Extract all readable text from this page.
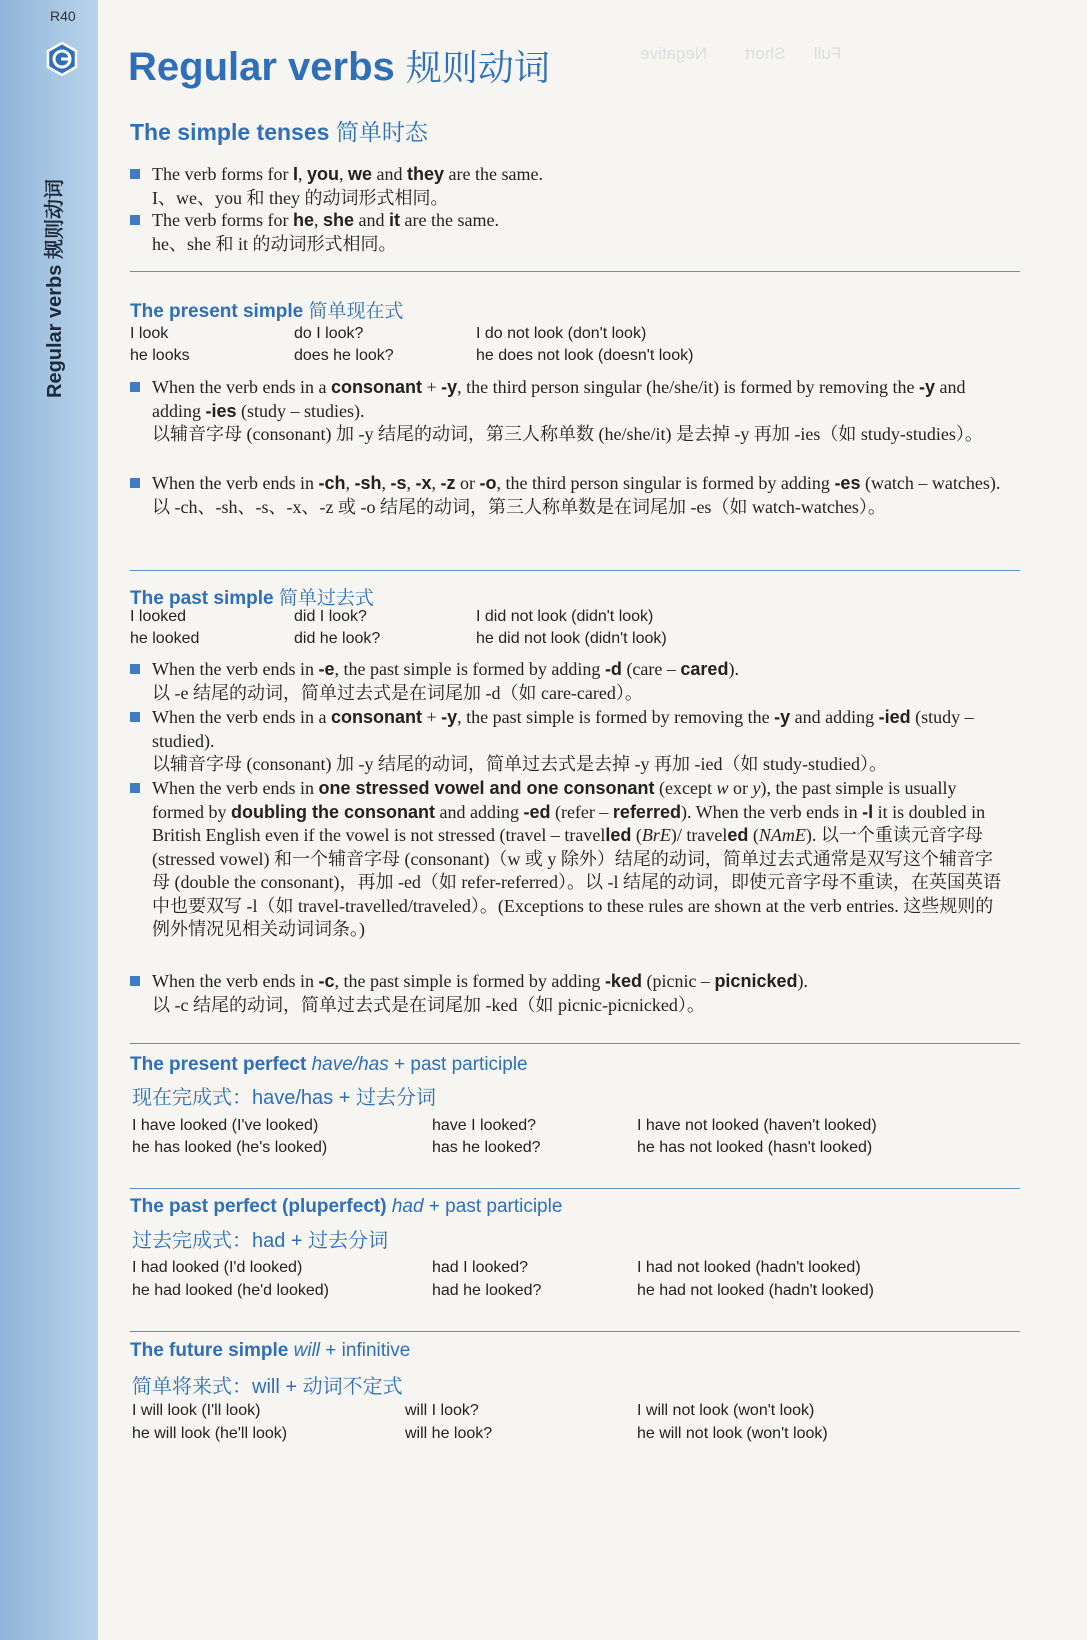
R40
Regular verbs 规则动词
Full      Short        Negative
Regular verbs 规则动词
The simple tenses 简单时态
The verb forms for I, you, we and they are the same.
I、we、you 和 they 的动词形式相同。
The verb forms for he, she and it are the same.
he、she 和 it 的动词形式相同。
The present simple 简单现在式
I look	do I look?	I do not look (don't look)
he looks	does he look?	he does not look (doesn't look)
When the verb ends in a consonant + -y, the third person singular (he/she/it) is formed by removing the -y and adding -ies (study – studies).
以辅音字母 (consonant) 加 -y 结尾的动词，第三人称单数 (he/she/it) 是去掉 -y 再加 -ies（如 study-studies）。
When the verb ends in -ch, -sh, -s, -x, -z or -o, the third person singular is formed by adding -es (watch – watches).
以 -ch、-sh、-s、-x、-z 或 -o 结尾的动词，第三人称单数是在词尾加 -es（如 watch-watches）。
The past simple 简单过去式
I looked	did I look?	I did not look (didn't look)
he looked	did he look?	he did not look (didn't look)
When the verb ends in -e, the past simple is formed by adding -d (care – cared).
以 -e 结尾的动词，简单过去式是在词尾加 -d（如 care-cared）。
When the verb ends in a consonant + -y, the past simple is formed by removing the -y and adding -ied (study – studied).
以辅音字母 (consonant) 加 -y 结尾的动词，简单过去式是去掉 -y 再加 -ied（如 study-studied）。
When the verb ends in one stressed vowel and one consonant (except w or y), the past simple is usually formed by doubling the consonant and adding -ed (refer – referred). When the verb ends in -l it is doubled in British English even if the vowel is not stressed (travel – travelled (BrE)/ traveled (NAmE). 以一个重读元音字母 (stressed vowel) 和一个辅音字母 (consonant)（w 或 y 除外）结尾的动词，简单过去式通常是双写这个辅音字母 (double the consonant)，再加 -ed（如 refer-referred）。以 -l 结尾的动词，即使元音字母不重读，在英国英语中也要双写 -l（如 travel-travelled/traveled）。(Exceptions to these rules are shown at the verb entries. 这些规则的例外情况见相关动词词条。)
When the verb ends in -c, the past simple is formed by adding -ked (picnic – picnicked).
以 -c 结尾的动词，简单过去式是在词尾加 -ked（如 picnic-picnicked）。
The present perfect have/has + past participle
现在完成式：have/has + 过去分词
I have looked (I've looked)	have I looked?	I have not looked (haven't looked)
he has looked (he's looked)	has he looked?	he has not looked (hasn't looked)
The past perfect (pluperfect) had + past participle
过去完成式：had + 过去分词
I had looked (I'd looked)	had I looked?	I had not looked (hadn't looked)
he had looked (he'd looked)	had he looked?	he had not looked (hadn't looked)
The future simple will + infinitive
简单将来式：will + 动词不定式
I will look (I'll look)	will I look?	I will not look (won't look)
he will look (he'll look)	will he look?	he will not look (won't look)
